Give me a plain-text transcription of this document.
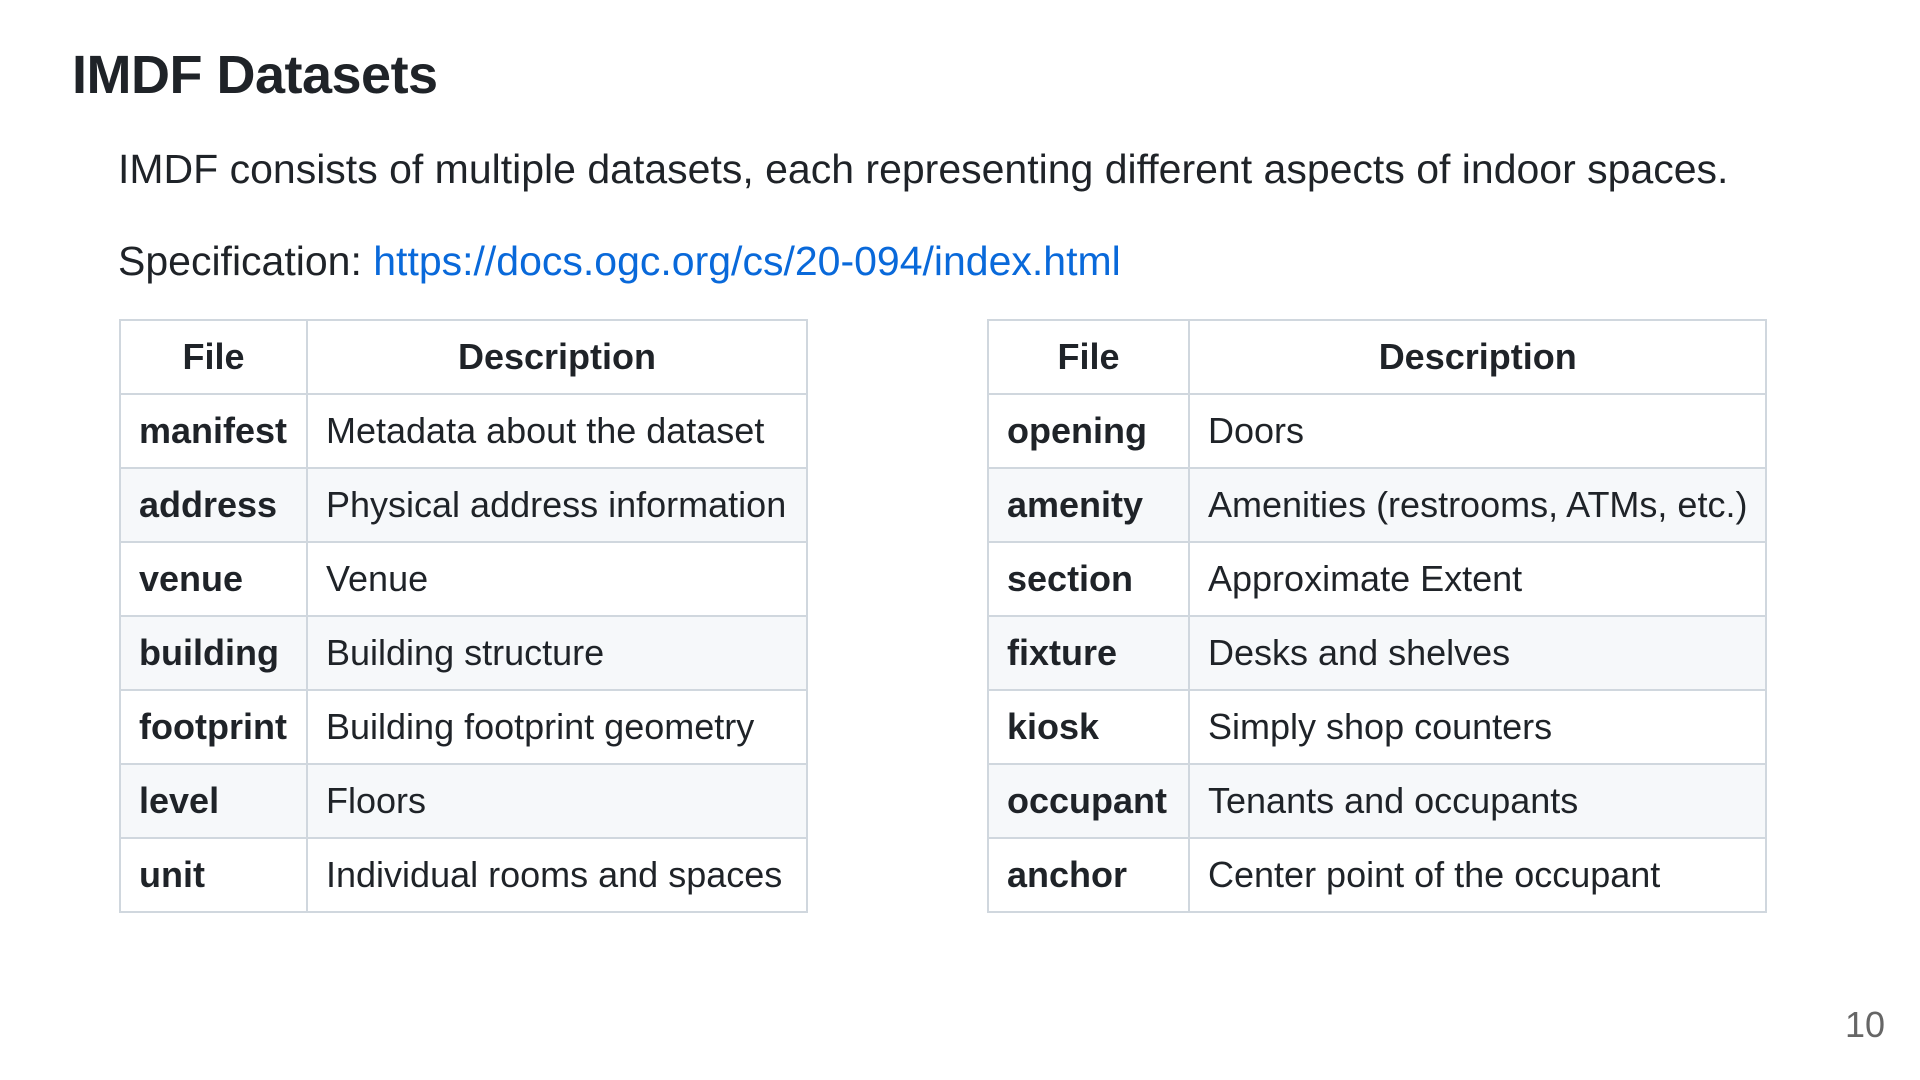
IMDF Datasets

IMDF consists of multiple datasets, each representing different aspects of indoor spaces.

Specification: https://docs.ogc.org/cs/20-094/index.html

File	Description
manifest	Metadata about the dataset
address	Physical address information
venue	Venue
building	Building structure
footprint	Building footprint geometry
level	Floors
unit	Individual rooms and spaces
File	Description
opening	Doors
amenity	Amenities (restrooms, ATMs, etc.)
section	Approximate Extent
fixture	Desks and shelves
kiosk	Simply shop counters
occupant	Tenants and occupants
anchor	Center point of the occupant
10
